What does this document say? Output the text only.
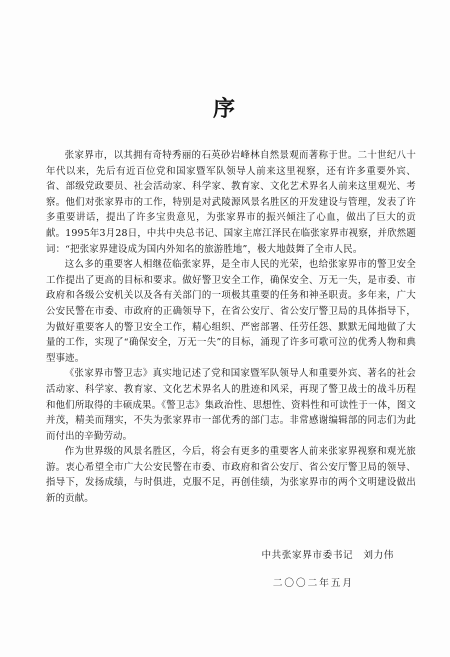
序

张家界市，以其拥有奇特秀丽的石英砂岩峰林自然景观而著称于世。二十世纪八十年代以来，先后有近百位党和国家暨军队领导人前来这里视察，还有许多重要外宾、省、部级党政要员、社会活动家、科学家、教育家、文化艺术界名人前来这里观光、考察。他们对张家界市的工作，特别是对武陵源风景名胜区的开发建设与管理，发表了许多重要讲话，提出了许多宝贵意见，为张家界市的振兴倾注了心血，做出了巨大的贡献。1995年3月28日，中共中央总书记、国家主席江泽民在临张家界市视察，并欣然题词：“把张家界建设成为国内外知名的旅游胜地”，极大地鼓舞了全市人民。

这么多的重要客人相继莅临张家界，是全市人民的光荣，也给张家界市的警卫安全工作提出了更高的目标和要求。做好警卫安全工作，确保安全、万无一失，是市委、市政府和各级公安机关以及各有关部门的一项极其重要的任务和神圣职责。多年来，广大公安民警在市委、市政府的正确领导下，在省公安厅、省公安厅警卫局的具体指导下，为做好重要客人的警卫安全工作，精心组织、严密部署、任劳任怨、默默无闻地做了大量的工作，实现了“确保安全，万无一失”的目标，涌现了许多可歌可泣的优秀人物和典型事迹。

《张家界市警卫志》真实地记述了党和国家暨军队领导人和重要外宾、著名的社会活动家、科学家、教育家、文化艺术界名人的胜迹和风采，再现了警卫战士的战斗历程和他们所取得的丰硕成果。《警卫志》集政治性、思想性、资料性和可读性于一体，图文并茂，精美而翔实，不失为张家界市一部优秀的部门志。非常感谢编辑部的同志们为此而付出的辛勤劳动。

作为世界级的风景名胜区，今后，将会有更多的重要客人前来张家界视察和观光旅游。衷心希望全市广大公安民警在市委、市政府和省公安厅、省公安厅警卫局的领导、指导下，发扬成绩，与时俱进，克服不足，再创佳绩，为张家界市的两个文明建设做出新的贡献。

中共张家界市委书记　刘力伟
二〇〇二年五月
